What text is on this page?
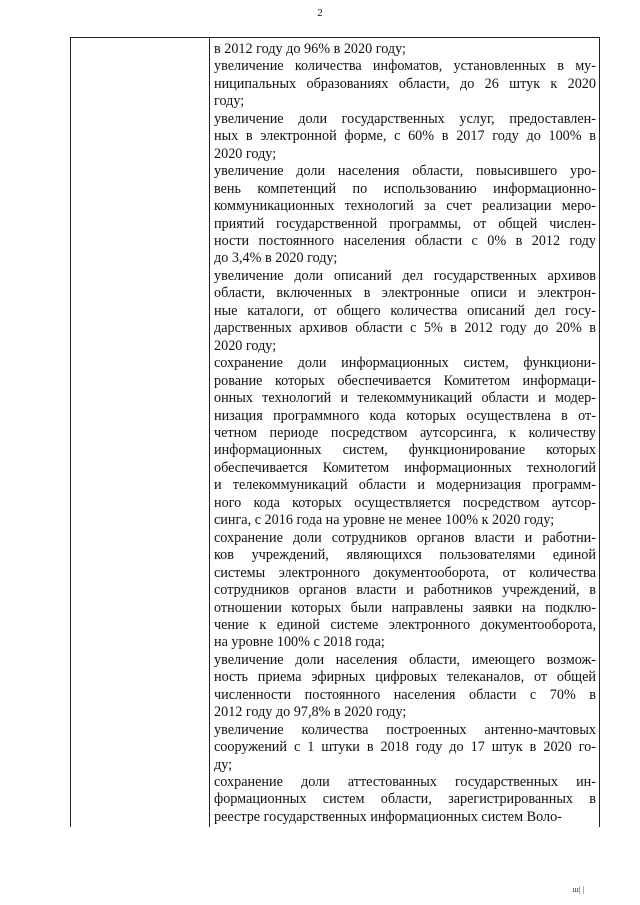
2
в 2012 году до 96% в 2020 году;
увеличение количества инфоматов, установленных в му-
ниципальных образованиях области, до 26 штук к 2020
году;
увеличение доли государственных услуг, предоставлен-
ных в электронной форме, с 60% в 2017 году до 100% в
2020 году;
увеличение доли населения области, повысившего уро-
вень компетенций по использованию информационно-
коммуникационных технологий за счет реализации меро-
приятий государственной программы, от общей числен-
ности постоянного населения области с 0% в 2012 году
до 3,4% в 2020 году;
увеличение доли описаний дел государственных архивов
области, включенных в электронные описи и электрон-
ные каталоги, от общего количества описаний дел госу-
дарственных архивов области с 5% в 2012 году до 20% в
2020 году;
сохранение доли информационных систем, функциони-
рование которых обеспечивается Комитетом информаци-
онных технологий и телекоммуникаций области и модер-
низация программного кода которых осуществлена в от-
четном периоде посредством аутсорсинга, к количеству
информационных систем, функционирование которых
обеспечивается Комитетом информационных технологий
и телекоммуникаций области и модернизация программ-
ного кода которых осуществляется посредством аутсор-
синга, с 2016 года на уровне не менее 100% к 2020 году;
сохранение доли сотрудников органов власти и работни-
ков учреждений, являющихся пользователями единой
системы электронного документооборота, от количества
сотрудников органов власти и работников учреждений, в
отношении которых были направлены заявки на подклю-
чение к единой системе электронного документооборота,
на уровне 100% с 2018 года;
увеличение доли населения области, имеющего возмож-
ность приема эфирных цифровых телеканалов, от общей
численности постоянного населения области с 70% в
2012 году до 97,8% в 2020 году;
увеличение количества построенных антенно-мачтовых
сооружений с 1 штуки в 2018 году до 17 штук в 2020 го-
ду;
сохранение доли аттестованных государственных ин-
формационных систем области, зарегистрированных в
реестре государственных информационных систем Воло-
ш| |
